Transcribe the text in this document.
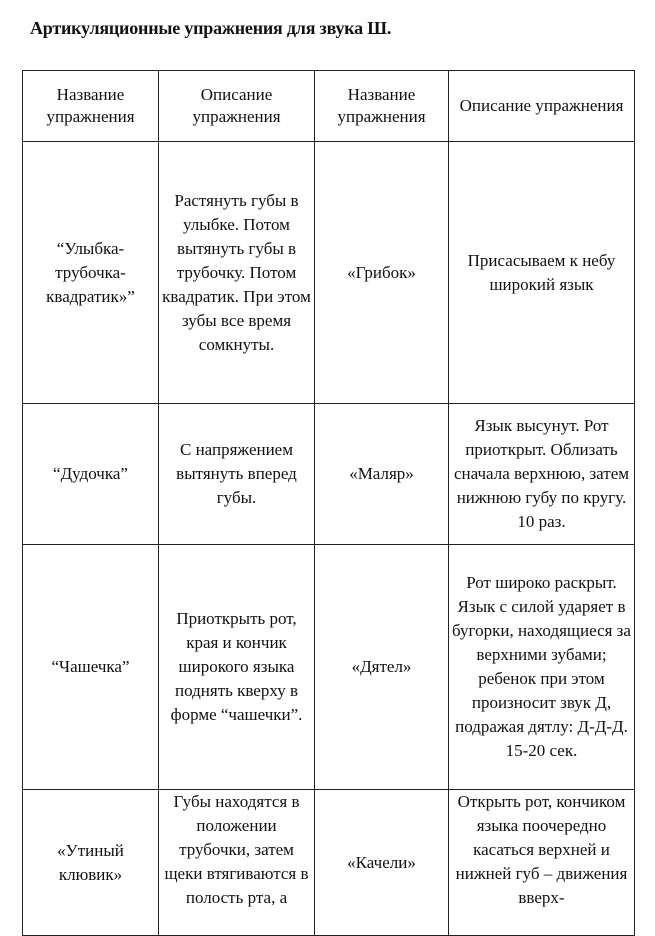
Артикуляционные упражнения для звука Ш.
Название упражнения	Описание упражнения	Название упражнения	Описание упражнения
“Улыбка-трубочка-квадратик»”	Растянуть губы в улыбке. Потом вытянуть губы в трубочку. Потом квадратик. При этом зубы все время сомкнуты.	«Грибок»	Присасываем к небу широкий язык
“Дудочка”	С напряжением вытянуть вперед губы.	«Маляр»	Язык высунут. Рот приоткрыт. Облизать сначала верхнюю, затем нижнюю губу по кругу. 10 раз.
“Чашечка”	Приоткрыть рот, края и кончик широкого языка поднять кверху в форме “чашечки”.	«Дятел»	Рот широко раскрыт. Язык с силой ударяет в бугорки, находящиеся за верхними зубами; ребенок при этом произносит звук Д, подражая дятлу: Д-Д-Д. 15-20 сек.
«Утиный клювик»	Губы находятся в положении трубочки, затем щеки втягиваются в полость рта, а	«Качели»	Открыть рот, кончиком языка поочередно касаться верхней и нижней губ – движения вверх-
